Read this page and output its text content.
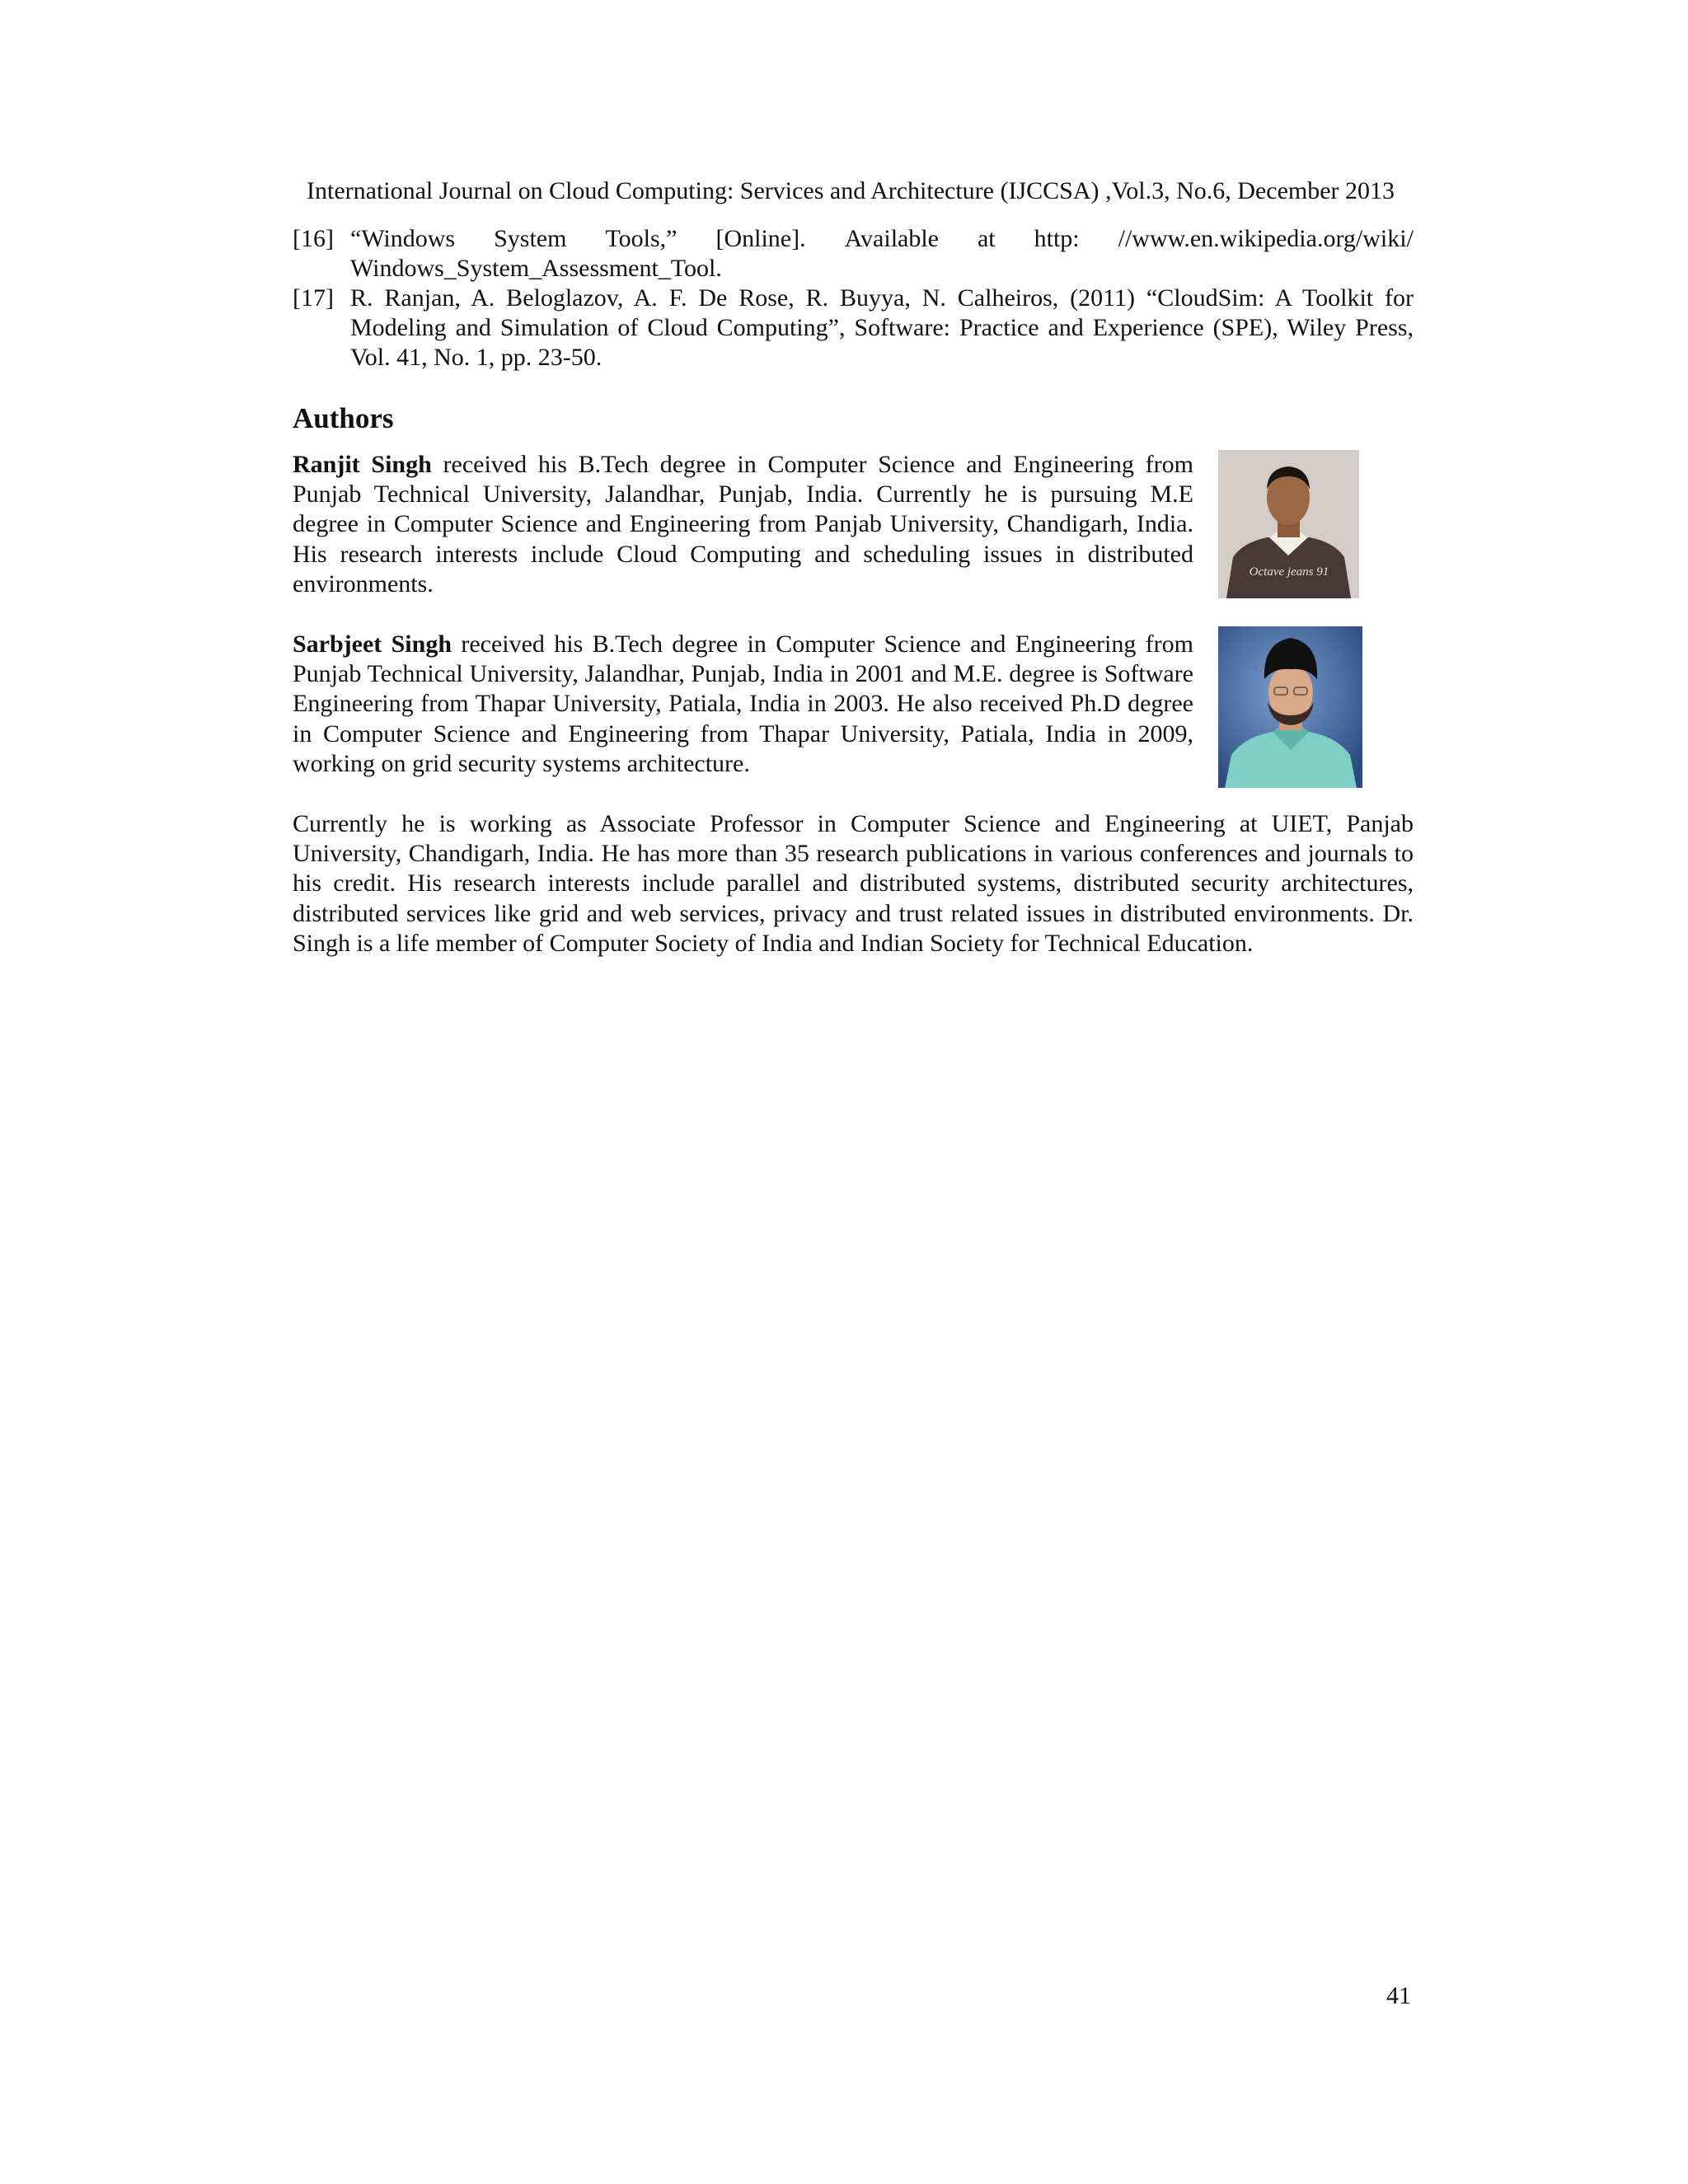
International Journal on Cloud Computing: Services and Architecture (IJCCSA) ,Vol.3, No.6, December 2013
[16] “Windows System Tools,” [Online]. Available at http: //www.en.wikipedia.org/wiki/
Windows_System_Assessment_Tool.
[17] R. Ranjan, A. Beloglazov, A. F. De Rose, R. Buyya, N. Calheiros, (2011) “CloudSim: A Toolkit for Modeling and Simulation of Cloud Computing”, Software: Practice and Experience (SPE), Wiley Press, Vol. 41, No. 1, pp. 23-50.
Authors
Ranjit Singh received his B.Tech degree in Computer Science and Engineering from Punjab Technical University, Jalandhar, Punjab, India. Currently he is pursuing M.E degree in Computer Science and Engineering from Panjab University, Chandigarh, India. His research interests include Cloud Computing and scheduling issues in distributed environments.	Octave jeans 91
Sarbjeet Singh received his B.Tech degree in Computer Science and Engineering from Punjab Technical University, Jalandhar, Punjab, India in 2001 and M.E. degree is Software Engineering from Thapar University, Patiala, India in 2003. He also received Ph.D degree in Computer Science and Engineering from Thapar University, Patiala, India in 2009, working on grid security systems architecture.
Currently he is working as Associate Professor in Computer Science and Engineering at UIET, Panjab University, Chandigarh, India. He has more than 35 research publications in various conferences and journals to his credit. His research interests include parallel and distributed systems, distributed security architectures, distributed services like grid and web services, privacy and trust related issues in distributed environments. Dr. Singh is a life member of Computer Society of India and Indian Society for Technical Education.
41
